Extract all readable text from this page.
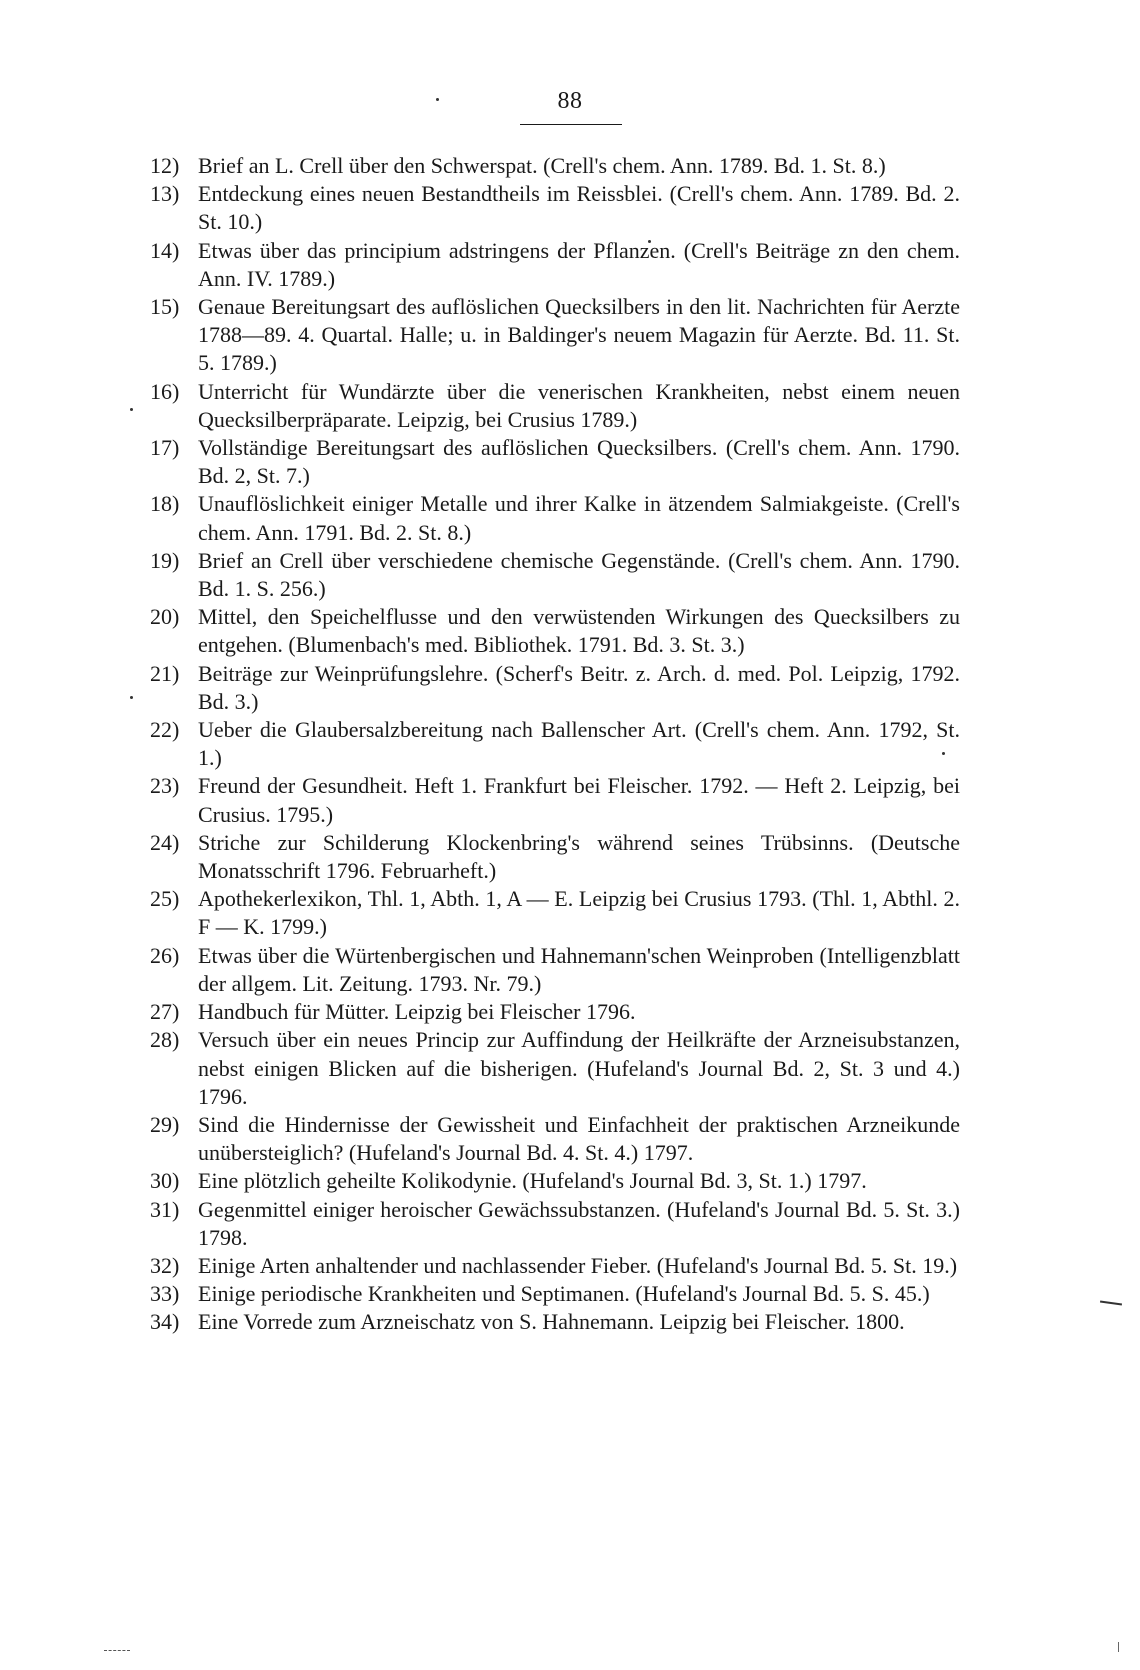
88
12) Brief an L. Crell über den Schwerspat. (Crell's chem. Ann. 1789. Bd. 1. St. 8.)
13) Entdeckung eines neuen Bestandtheils im Reissblei. (Crell's chem. Ann. 1789. Bd. 2. St. 10.)
14) Etwas über das principium adstringens der Pflanzen. (Crell's Beiträge zn den chem. Ann. IV. 1789.)
15) Genaue Bereitungsart des auflöslichen Quecksilbers in den lit. Nachrichten für Aerzte 1788—89. 4. Quartal. Halle; u. in Baldinger's neuem Magazin für Aerzte. Bd. 11. St. 5. 1789.)
16) Unterricht für Wundärzte über die venerischen Krankheiten, nebst einem neuen Quecksilberpräparate. Leipzig, bei Crusius 1789.)
17) Vollständige Bereitungsart des auflöslichen Quecksilbers. (Crell's chem. Ann. 1790. Bd. 2, St. 7.)
18) Unauflöslichkeit einiger Metalle und ihrer Kalke in ätzendem Salmiakgeiste. (Crell's chem. Ann. 1791. Bd. 2. St. 8.)
19) Brief an Crell über verschiedene chemische Gegenstände. (Crell's chem. Ann. 1790. Bd. 1. S. 256.)
20) Mittel, den Speichelflusse und den verwüstenden Wirkungen des Quecksilbers zu entgehen. (Blumenbach's med. Bibliothek. 1791. Bd. 3. St. 3.)
21) Beiträge zur Weinprüfungslehre. (Scherf's Beitr. z. Arch. d. med. Pol. Leipzig, 1792. Bd. 3.)
22) Ueber die Glaubersalzbereitung nach Ballenscher Art. (Crell's chem. Ann. 1792, St. 1.)
23) Freund der Gesundheit. Heft 1. Frankfurt bei Fleischer. 1792. — Heft 2. Leipzig, bei Crusius. 1795.)
24) Striche zur Schilderung Klockenbring's während seines Trübsinns. (Deutsche Monatsschrift 1796. Februarheft.)
25) Apothekerlexikon, Thl. 1, Abth. 1, A — E. Leipzig bei Crusius 1793. (Thl. 1, Abthl. 2. F — K. 1799.)
26) Etwas über die Würtenbergischen und Hahnemann'schen Weinproben (Intelligenzblatt der allgem. Lit. Zeitung. 1793. Nr. 79.)
27) Handbuch für Mütter. Leipzig bei Fleischer 1796.
28) Versuch über ein neues Princip zur Auffindung der Heilkräfte der Arzneisubstanzen, nebst einigen Blicken auf die bisherigen. (Hufeland's Journal Bd. 2, St. 3 und 4.) 1796.
29) Sind die Hindernisse der Gewissheit und Einfachheit der praktischen Arzneikunde unübersteiglich? (Hufeland's Journal Bd. 4. St. 4.) 1797.
30) Eine plötzlich geheilte Kolikodynie. (Hufeland's Journal Bd. 3, St. 1.) 1797.
31) Gegenmittel einiger heroischer Gewächssubstanzen. (Hufeland's Journal Bd. 5. St. 3.) 1798.
32) Einige Arten anhaltender und nachlassender Fieber. (Hufeland's Journal Bd. 5. St. 19.)
33) Einige periodische Krankheiten und Septimanen. (Hufeland's Journal Bd. 5. S. 45.)
34) Eine Vorrede zum Arzneischatz von S. Hahnemann. Leipzig bei Fleischer. 1800.
